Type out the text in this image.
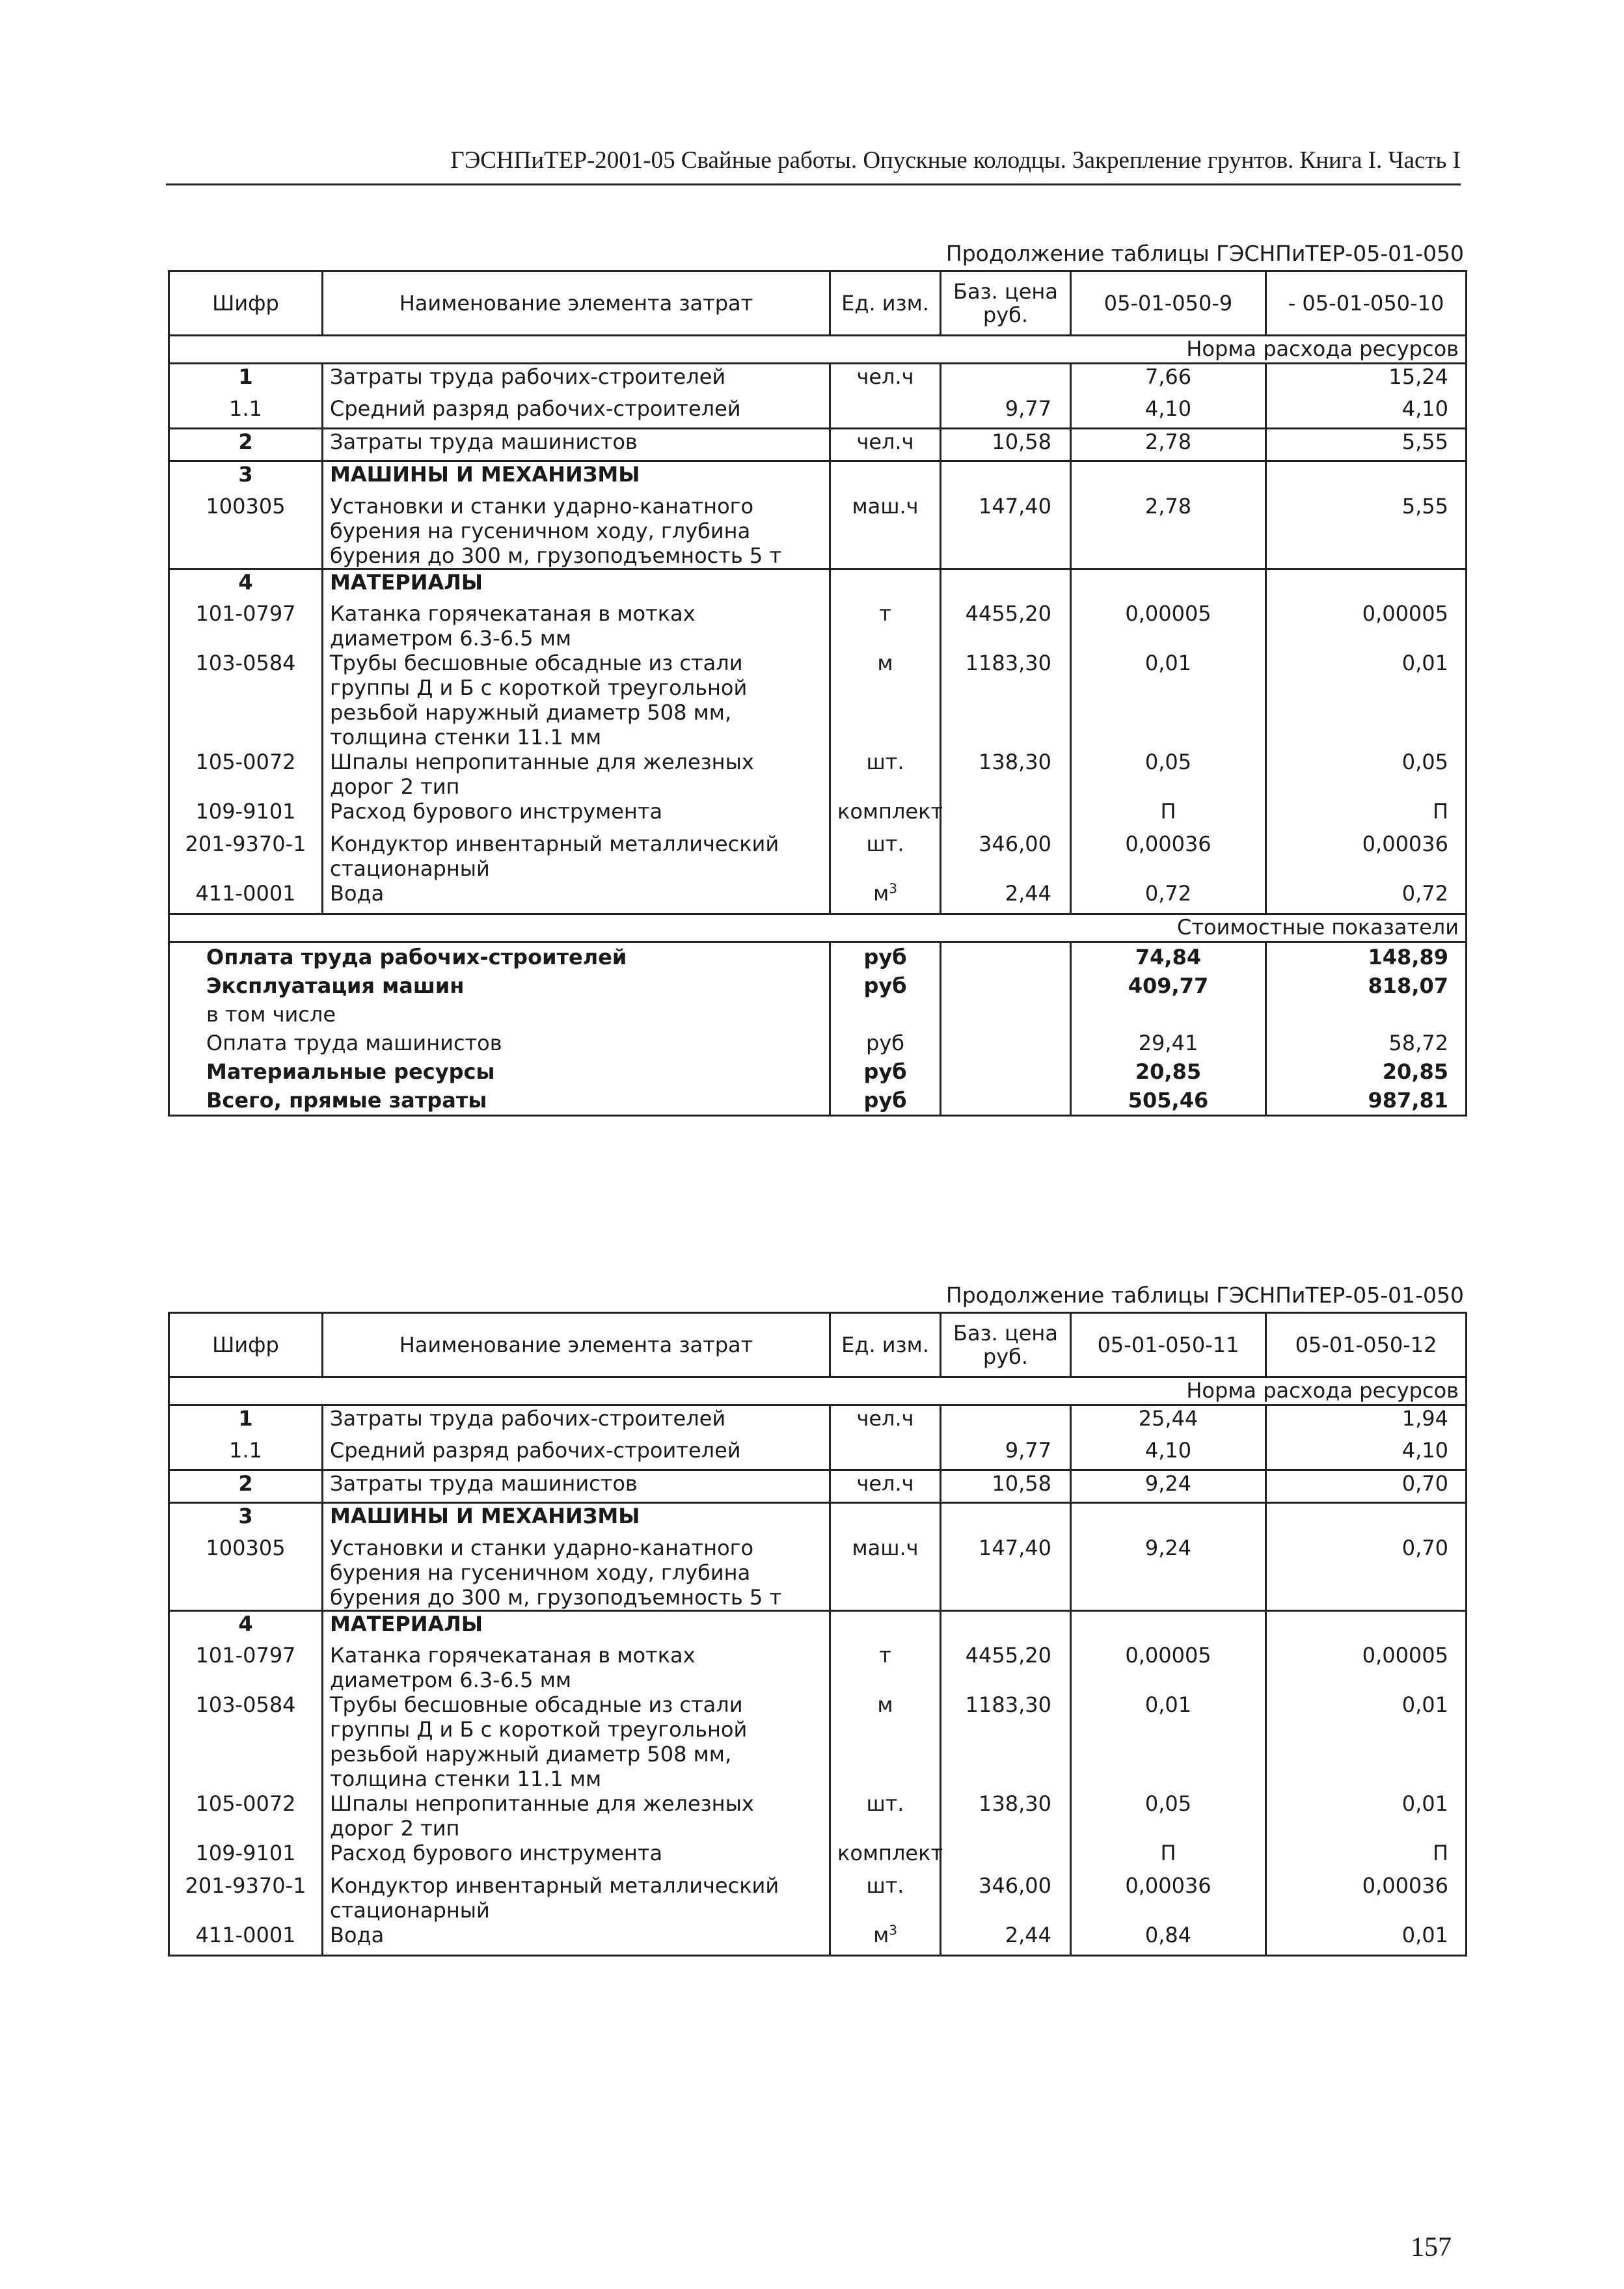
ГЭСНПиТЕР-2001-05 Свайные работы. Опускные колодцы. Закрепление грунтов. Книга I. Часть I
Продолжение таблицы ГЭСНПиТЕР-05-01-050
Шифр	Наименование элемента затрат	Ед. изм.	Баз. цена руб.	05-01-050-9	- 05-01-050-10
Норма расхода ресурсов					
1	Затраты труда рабочих-строителей	чел.ч		7,66	15,24
1.1	Средний разряд рабочих-строителей		9,77	4,10	4,10
2	Затраты труда машинистов	чел.ч	10,58	2,78	5,55
3	МАШИНЫ И МЕХАНИЗМЫ				
100305	Установки и станки ударно-канатного бурения на гусеничном ходу, глубина бурения до 300 м, грузоподъемность 5 т	маш.ч	147,40	2,78	5,55
4	МАТЕРИАЛЫ				
101-0797	Катанка горячекатаная в мотках диаметром 6.3-6.5 мм	т	4455,20	0,00005	0,00005
103-0584	Трубы бесшовные обсадные из стали группы Д и Б с короткой треугольной резьбой наружный диаметр 508 мм, толщина стенки 11.1 мм	м	1183,30	0,01	0,01
105-0072	Шпалы непропитанные для железных дорог 2 тип	шт.	138,30	0,05	0,05
109-9101	Расход бурового инструмента	комплект		П	П
201-9370-1	Кондуктор инвентарный металлический стационарный	шт.	346,00	0,00036	0,00036
411-0001	Вода	$м^3$	2,44	0,72	0,72
Стоимостные показатели					
Оплата труда рабочих-строителей		руб		74,84	148,89
Эксплуатация машин		руб		409,77	818,07
в том числе					
Оплата труда машинистов		руб		29,41	58,72
Материальные ресурсы		руб		20,85	20,85
Всего, прямые затраты		руб		505,46	987,81
Продолжение таблицы ГЭСНПиТЕР-05-01-050
Шифр	Наименование элемента затрат	Ед. изм.	Баз. цена руб.	05-01-050-11	05-01-050-12
Норма расхода ресурсов					
1	Затраты труда рабочих-строителей	чел.ч		25,44	1,94
1.1	Средний разряд рабочих-строителей		9,77	4,10	4,10
2	Затраты труда машинистов	чел.ч	10,58	9,24	0,70
3	МАШИНЫ И МЕХАНИЗМЫ				
100305	Установки и станки ударно-канатного бурения на гусеничном ходу, глубина бурения до 300 м, грузоподъемность 5 т	маш.ч	147,40	9,24	0,70
4	МАТЕРИАЛЫ				
101-0797	Катанка горячекатаная в мотках диаметром 6.3-6.5 мм	т	4455,20	0,00005	0,00005
103-0584	Трубы бесшовные обсадные из стали группы Д и Б с короткой треугольной резьбой наружный диаметр 508 мм, толщина стенки 11.1 мм	м	1183,30	0,01	0,01
105-0072	Шпалы непропитанные для железных дорог 2 тип	шт.	138,30	0,05	0,01
109-9101	Расход бурового инструмента	комплект		П	П
201-9370-1	Кондуктор инвентарный металлический стационарный	шт.	346,00	0,00036	0,00036
411-0001	Вода	$м^3$	2,44	0,84	0,01
157
